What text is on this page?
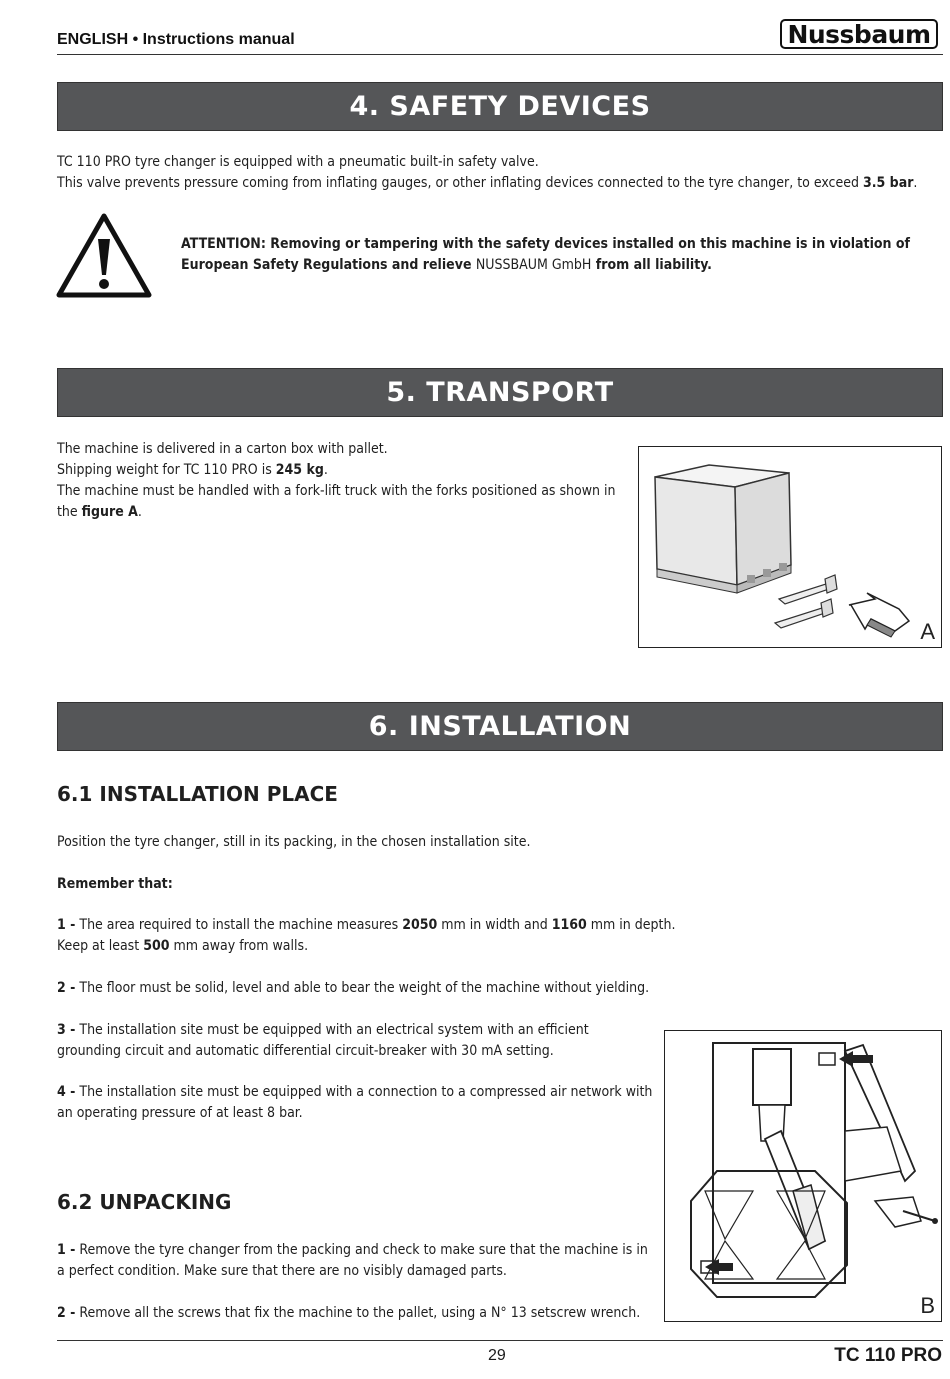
ENGLISH • Instructions manual	Nussbaum
4. SAFETY DEVICES
TC 110 PRO tyre changer is equipped with a pneumatic built-in safety valve.
This valve prevents pressure coming from inflating gauges, or other inflating devices connected to the tyre changer, to exceed 3.5 bar.
ATTENTION: Removing or tampering with the safety devices installed on this machine is in violation of European Safety Regulations and relieve NUSSBAUM GmbH from all liability.
5. TRANSPORT
The machine is delivered in a carton box with pallet.
Shipping weight for TC 110 PRO is 245 kg.
The machine must be handled with a fork-lift truck with the forks positioned as shown in the figure A.
A
6. INSTALLATION
6.1 INSTALLATION PLACE
Position the tyre changer, still in its packing, in the chosen installation site.
Remember that:
1 - The area required to install the machine measures 2050 mm in width and 1160 mm in depth.
Keep at least 500 mm away from walls.
2 - The floor must be solid, level and able to bear the weight of the machine without yielding.
3 - The installation site must be equipped with an electrical system with an efficient grounding circuit and automatic differential circuit-breaker with 30 mA setting.
4 - The installation site must be equipped with a connection to a compressed air network with an operating pressure of at least 8 bar.
6.2 UNPACKING
1 - Remove the tyre changer from the packing and check to make sure that the machine is in a perfect condition. Make sure that there are no visibly damaged parts.
2 - Remove all the screws that fix the machine to the pallet, using a N° 13 setscrew wrench.	B
29	TC 110 PRO
